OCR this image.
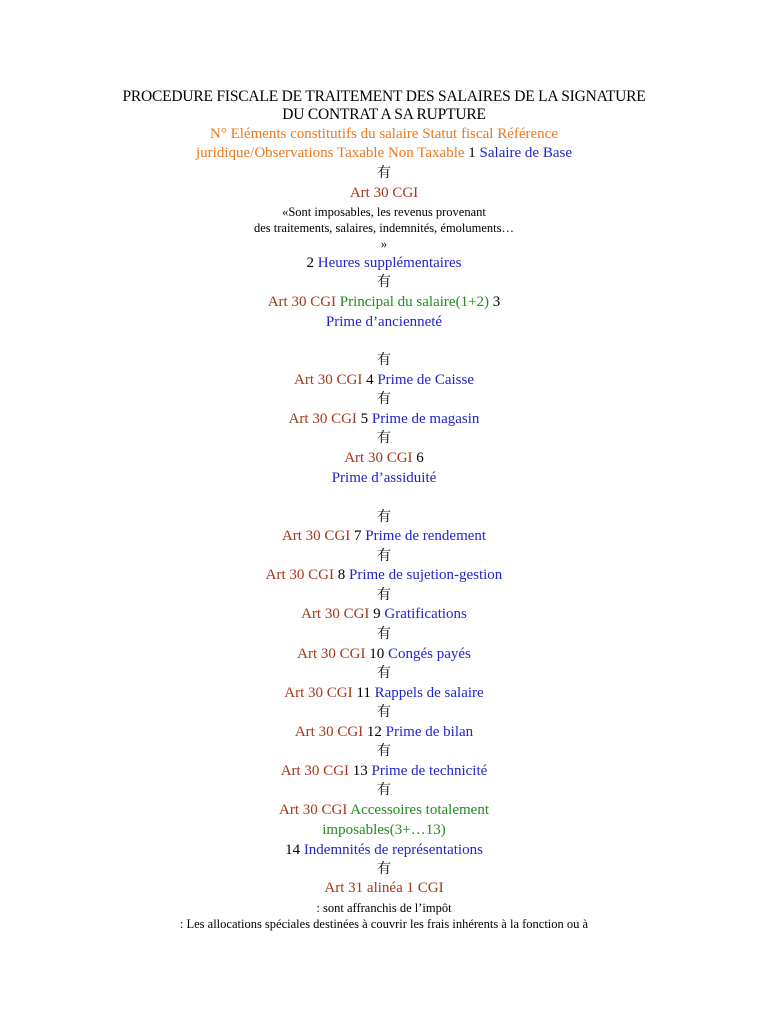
PROCEDURE FISCALE DE TRAITEMENT DES SALAIRES DE LA SIGNATURE
DU CONTRAT A SA RUPTURE
N° Eléments constitutifs du salaire Statut fiscal Référence
juridique/Observations Taxable Non Taxable 1 Salaire de Base
有
Art 30 CGI
«Sont imposables, les revenus provenant
des traitements, salaires, indemnités, émoluments…
»
2 Heures supplémentaires
有
Art 30 CGI Principal du salaire(1+2) 3
Prime d’ancienneté
有
Art 30 CGI 4 Prime de Caisse
有
Art 30 CGI 5 Prime de magasin
有
Art 30 CGI 6
Prime d’assiduité
有
Art 30 CGI 7 Prime de rendement
有
Art 30 CGI 8 Prime de sujetion-gestion
有
Art 30 CGI 9 Gratifications
有
Art 30 CGI 10 Congés payés
有
Art 30 CGI 11 Rappels de salaire
有
Art 30 CGI 12 Prime de bilan
有
Art 30 CGI 13 Prime de technicité
有
Art 30 CGI Accessoires totalement
imposables(3+…13)
14 Indemnités de représentations
有
Art 31 alinéa 1 CGI
: sont affranchis de l’impôt
: Les allocations spéciales destinées à couvrir les frais inhérents à la fonction ou à
